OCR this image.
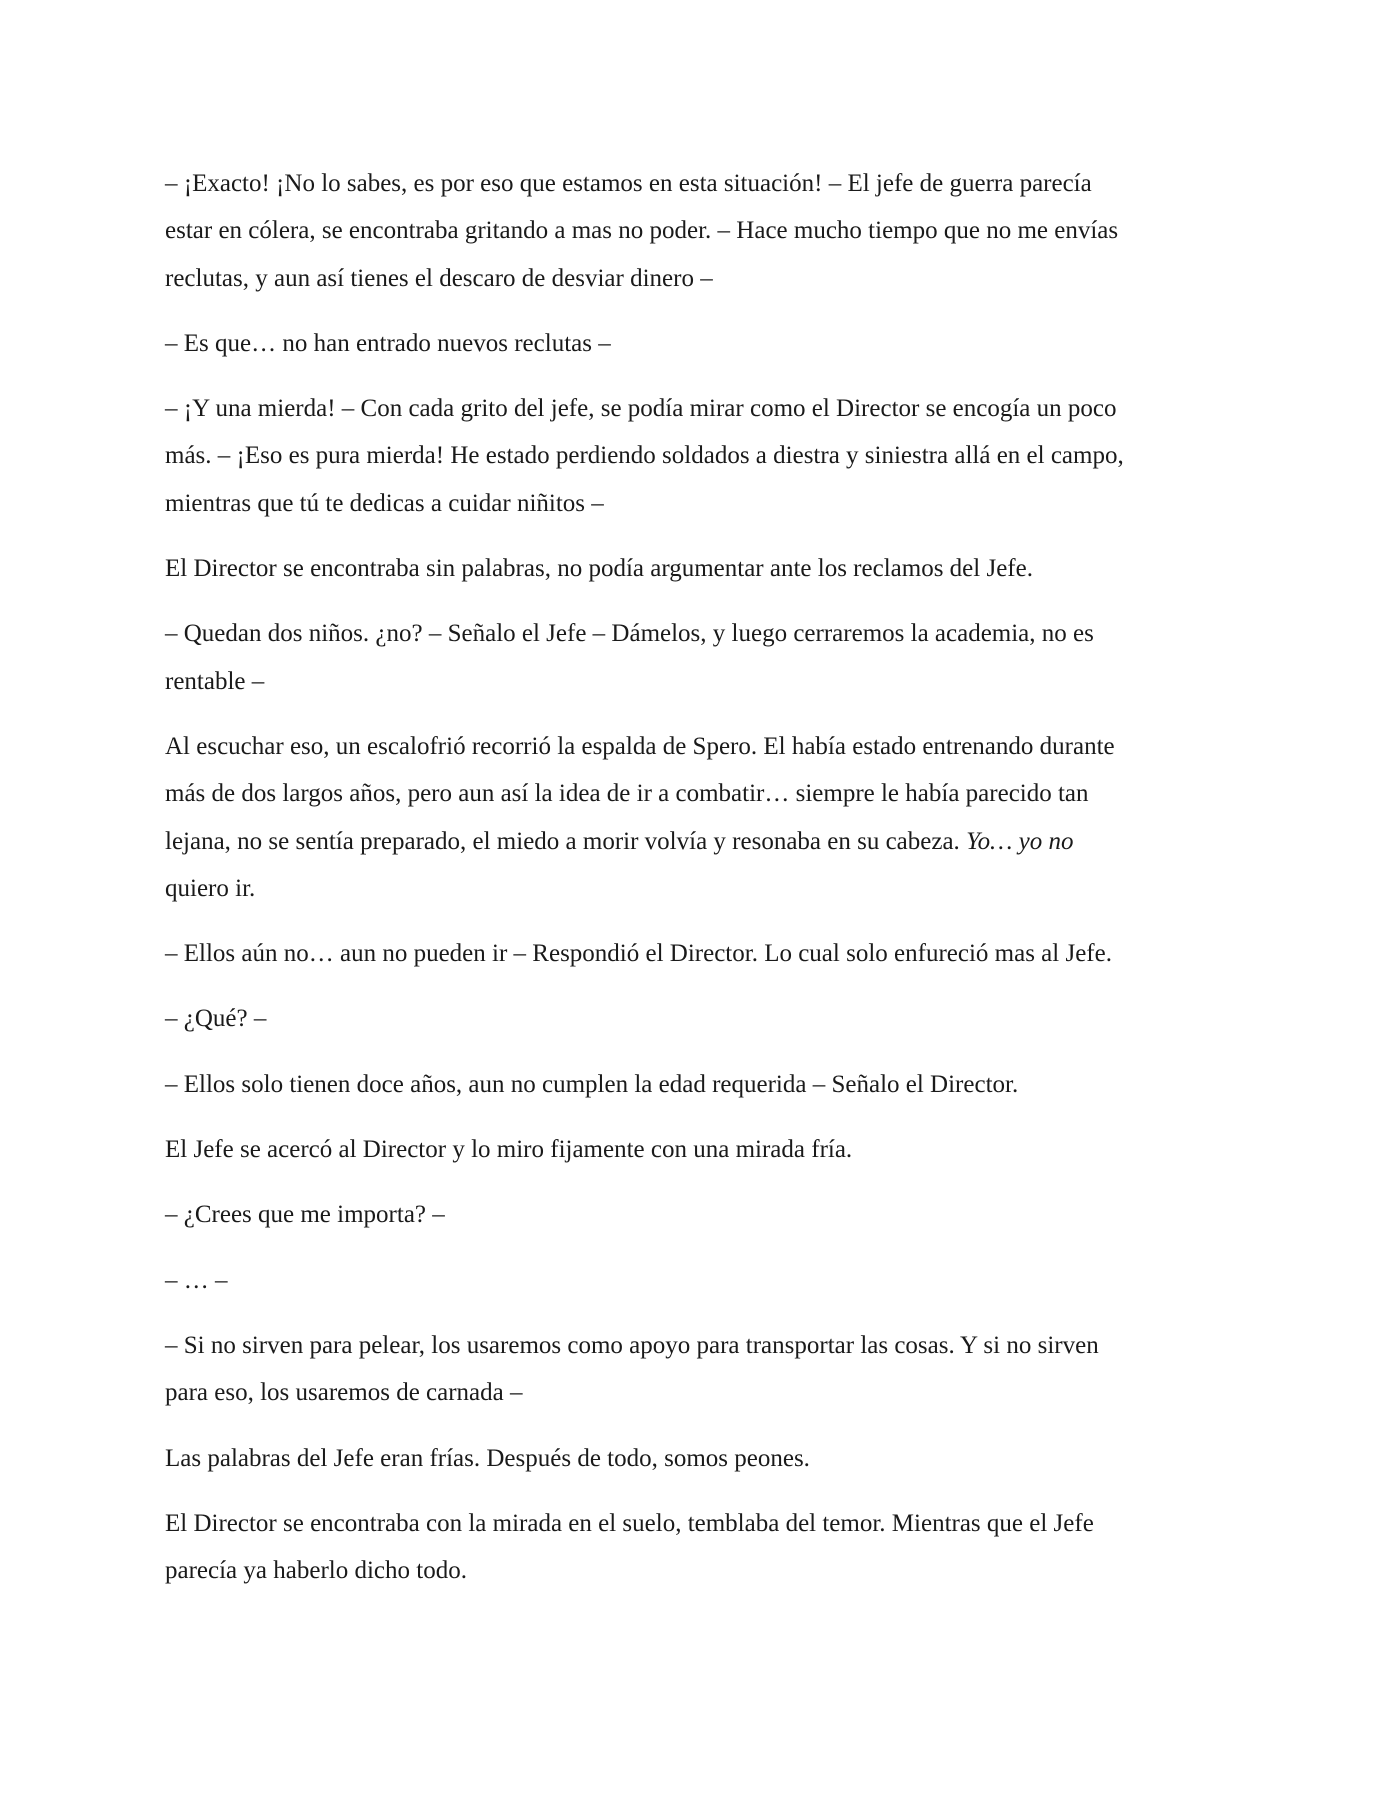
– ¡Exacto! ¡No lo sabes, es por eso que estamos en esta situación! – El jefe de guerra parecía
estar en cólera, se encontraba gritando a mas no poder. – Hace mucho tiempo que no me envías
reclutas, y aun así tienes el descaro de desviar dinero –

– Es que… no han entrado nuevos reclutas –

– ¡Y una mierda! – Con cada grito del jefe, se podía mirar como el Director se encogía un poco
más. – ¡Eso es pura mierda! He estado perdiendo soldados a diestra y siniestra allá en el campo,
mientras que tú te dedicas a cuidar niñitos –

El Director se encontraba sin palabras, no podía argumentar ante los reclamos del Jefe.

– Quedan dos niños. ¿no? – Señalo el Jefe – Dámelos, y luego cerraremos la academia, no es
rentable –

Al escuchar eso, un escalofrió recorrió la espalda de Spero. El había estado entrenando durante
más de dos largos años, pero aun así la idea de ir a combatir… siempre le había parecido tan
lejana, no se sentía preparado, el miedo a morir volvía y resonaba en su cabeza. Yo… yo no
quiero ir.

– Ellos aún no… aun no pueden ir – Respondió el Director. Lo cual solo enfureció mas al Jefe.

– ¿Qué? –

– Ellos solo tienen doce años, aun no cumplen la edad requerida – Señalo el Director.

El Jefe se acercó al Director y lo miro fijamente con una mirada fría.

– ¿Crees que me importa? –

– … –

– Si no sirven para pelear, los usaremos como apoyo para transportar las cosas. Y si no sirven
para eso, los usaremos de carnada –

Las palabras del Jefe eran frías. Después de todo, somos peones.

El Director se encontraba con la mirada en el suelo, temblaba del temor. Mientras que el Jefe
parecía ya haberlo dicho todo.
